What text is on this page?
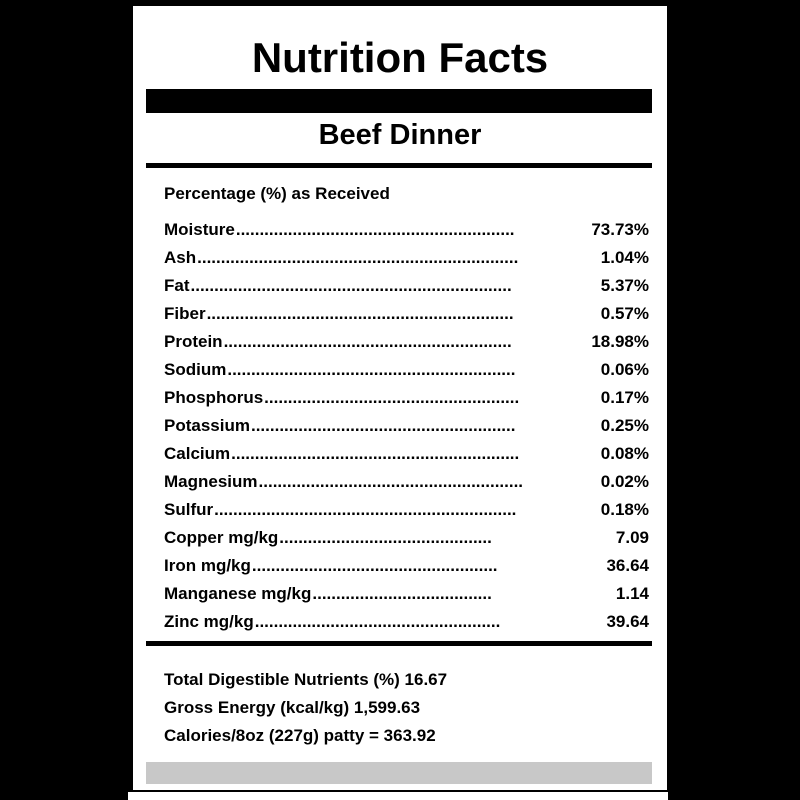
Nutrition Facts
Beef Dinner
Percentage (%) as Received
Moisture ...........................................................	73.73%
Ash ....................................................................	1.04%
Fat ....................................................................	5.37%
Fiber .................................................................	0.57%
Protein .............................................................	18.98%
Sodium .............................................................	0.06%
Phosphorus ......................................................	0.17%
Potassium ........................................................	0.25%
Calcium .............................................................	0.08%
Magnesium ........................................................	0.02%
Sulfur ................................................................	0.18%
Copper mg/kg .............................................	7.09
Iron mg/kg ....................................................	36.64
Manganese mg/kg ......................................	1.14
Zinc mg/kg ....................................................	39.64
Total Digestible Nutrients (%) 16.67
Gross Energy (kcal/kg) 1,599.63
Calories/8oz (227g) patty = 363.92
